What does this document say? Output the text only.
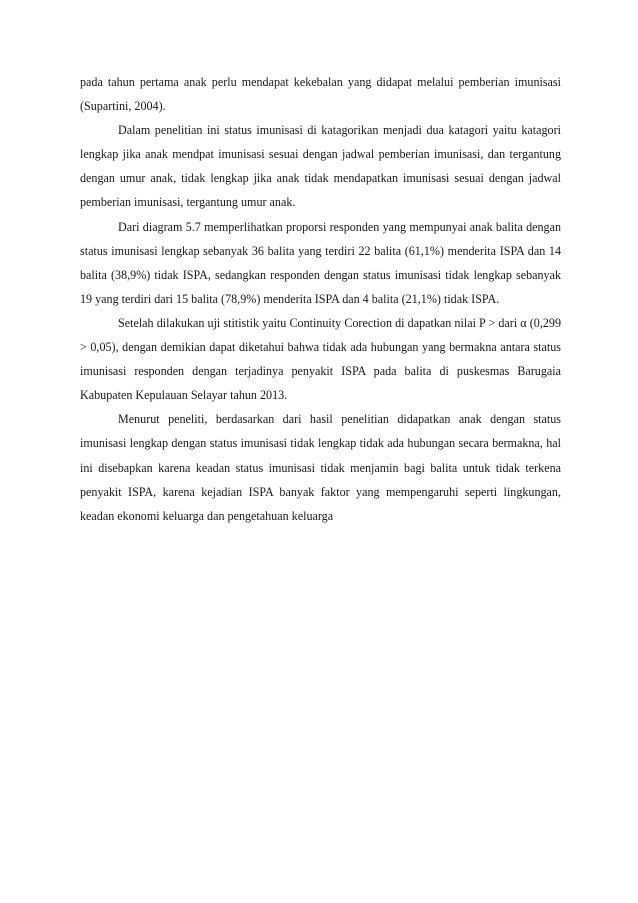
pada tahun pertama anak perlu mendapat kekebalan yang didapat melalui pemberian imunisasi (Supartini, 2004).

Dalam penelitian ini status imunisasi di katagorikan menjadi dua katagori yaitu katagori lengkap jika anak mendpat imunisasi sesuai dengan jadwal pemberian imunisasi, dan tergantung dengan umur anak, tidak lengkap jika anak tidak mendapatkan imunisasi sesuai dengan jadwal pemberian imunisasi, tergantung umur anak.

Dari diagram 5.7 memperlihatkan proporsi responden yang mempunyai anak balita dengan status imunisasi lengkap sebanyak 36 balita yang terdiri 22 balita (61,1%) menderita ISPA dan 14 balita (38,9%) tidak ISPA, sedangkan responden dengan status imunisasi tidak lengkap sebanyak 19 yang terdiri dari 15 balita (78,9%) menderita ISPA dan 4 balita (21,1%) tidak ISPA.

Setelah dilakukan uji stitistik yaitu Continuity Corection di dapatkan nilai P > dari α (0,299 > 0,05), dengan demikian dapat diketahui bahwa tidak ada hubungan yang bermakna antara status imunisasi responden dengan terjadinya penyakit ISPA pada balita di puskesmas Barugaia Kabupaten Kepulauan Selayar tahun 2013.

Menurut peneliti, berdasarkan dari hasil penelitian didapatkan anak dengan status imunisasi lengkap dengan status imunisasi tidak lengkap tidak ada hubungan secara bermakna, hal ini disebapkan karena keadan status imunisasi tidak menjamin bagi balita untuk tidak terkena penyakit ISPA, karena kejadian ISPA banyak faktor yang mempengaruhi seperti lingkungan, keadan ekonomi keluarga dan pengetahuan keluarga
